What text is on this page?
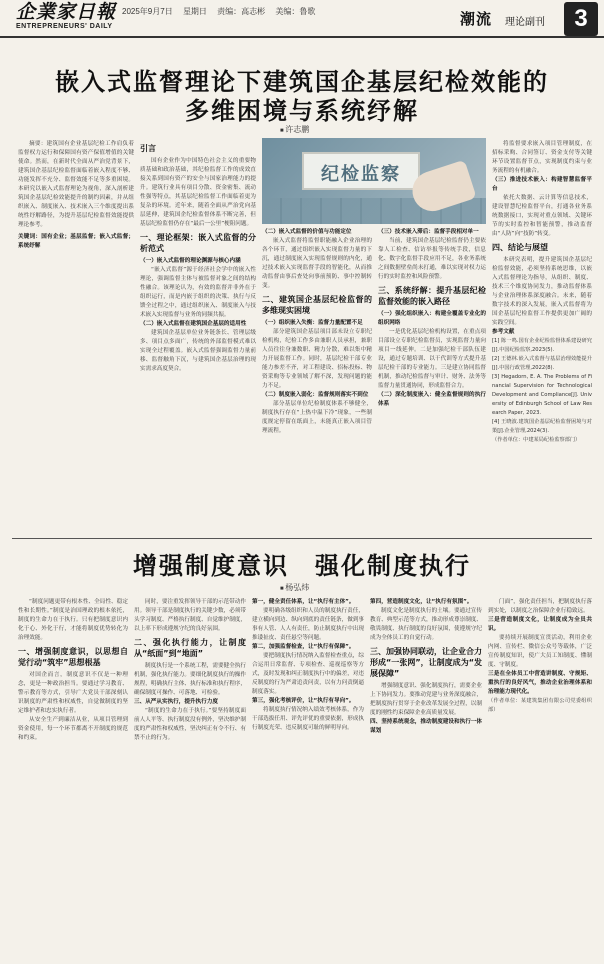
企業家日報
ENTREPRENEURS' DAILY
2025年9月7日 星期日 责编：高志彬 美编：鲁歌	潮流 理论副刊	3
嵌入式监督理论下建筑国企基层纪检效能的
多维困境与系统纾解
■ 许志鹏

摘要：建筑国有企业基层纪检工作肩负着监督权力运行和保障国有资产保值增值的关键使命。然而，在新时代全面从严治党背景下，建筑国企基层纪检监督面临着嵌入程度不够、功能发挥不充分、监督效能不足等多重困境。本研究以嵌入式监督理论为视角，深入剖析建筑国企基层纪检效能提升的制约因素，并从组织嵌入、制度嵌入、技术嵌入三个维度提出系统性纾解路径，为提升基层纪检监督效能提供理论参考。

关键词：国有企业；基层监督；嵌入式监督；系统纾解

纪检监察

引言

国有企业作为中国特色社会主义的重要物质基础和政治基础，其纪检监督工作的成效直接关系到国有资产的安全与国家治理能力的提升。建筑行业具有项目分散、资金密集、流动性强等特点，其基层纪检监督工作面临着更为复杂的环境。近年来，随着全面从严治党向基层延伸，建筑国企纪检监督体系不断完善，但基层纪检监督仍存在“最后一公里”梗阻问题。

一、理论框架：嵌入式监督的分析范式

（一）嵌入式监督的理论渊源与核心内涵

“嵌入式监督”源于经济社会学中的嵌入性理论，强调监督主体与被监督对象之间的结构性融合。该理论认为，有效的监督并非外在于组织运行，而是内嵌于组织的决策、执行与反馈全过程之中，通过组织嵌入、制度嵌入与技术嵌入实现监督与业务的同频共振。

（二）嵌入式监督在建筑国企基层的适用性

建筑国企基层单位业务链条长、管理层级多、项目点多面广，传统的外部监督模式难以实现全过程覆盖。嵌入式监督强调监督力量前移、监督触角下沉，与建筑国企基层治理的现实需求高度契合。

（二）嵌入式监督的价值与功能定位

嵌入式监督将监督职能融入企业治理的各个环节，通过组织嵌入实现监督力量的下沉，通过制度嵌入实现监督规则的内化，通过技术嵌入实现监督手段的智能化，从而推动监督由事后查处向事前预防、事中控制转变。

二、建筑国企基层纪检监督的多维现实困境

（一）组织嵌入失衡：监督力量配置不足

部分建筑国企基层项目部未设立专职纪检机构，纪检工作多由兼职人员承担，兼职人员往往身兼数职、精力分散，难以集中精力开展监督工作。同时，基层纪检干部专业能力参差不齐，对工程建设、招标投标、物资采购等专业领域了解不深，发现问题的能力不足。

（二）制度嵌入弱化：监督规则落实不到位

部分基层单位纪检制度体系不够健全，制度执行存在“上热中温下冷”现象，一些制度规定停留在纸面上，未能真正嵌入项目管理流程。

（三）技术嵌入滞后：监督手段相对单一

当前，建筑国企基层纪检监督仍主要依靠人工检查、信访举报等传统手段，信息化、数字化监督手段应用不足，各业务系统之间数据壁垒尚未打通，难以实现对权力运行的实时监控和风险预警。

三、系统纾解：提升基层纪检监督效能的嵌入路径

（一）强化组织嵌入：构建全覆盖专业化的组织网络

一是优化基层纪检机构设置，在重点项目部设立专职纪检监督员，实现监督力量向项目一线延伸。二是加强纪检干部队伍建设，通过专题培训、以干代训等方式提升基层纪检干部的专业能力。三是建立协同监督机制，推动纪检监督与审计、财务、法务等监督力量贯通协同，形成监督合力。

（二）深化制度嵌入：健全监督规则的执行体系

将监督要求嵌入项目管理制度，在招标采购、合同签订、资金支付等关键环节设置监督节点，实现制度约束与业务流程的有机融合。

（三）推进技术嵌入：构建智慧监督平台

依托大数据、云计算等信息技术，建设智慧纪检监督平台，打通各业务系统数据接口，实现对重点领域、关键环节的实时监控和智能预警，推动监督由“人防”向“技防”转变。

四、结论与展望

本研究表明，提升建筑国企基层纪检监督效能，必须坚持系统思维，以嵌入式监督理论为指导，从组织、制度、技术三个维度协同发力，推动监督体系与企业治理体系深度融合。未来，随着数字技术的深入发展，嵌入式监督将为国企基层纪检监督工作提供更加广阔的实践空间。

参考文献

[1] 陈一鸣.国有企业纪检监督体系建设研究[J].中国纪检监察,2023(5).

[2] 王德林.嵌入式监督与基层治理效能提升[J].中国行政管理,2022(8).

[3] Hegadorn, E. A. The Problems of Financial Supervision for Technological Development and Compliance[J]. University of Edinburgh School of Law Research Paper, 2023.

[4] 王晓波.建筑国企基层纪检监督困境与对策[J].企业管理,2024(3).

（作者单位：中建某局纪检监察部门）

增强制度意识　强化制度执行
■ 杨弘炜

“制度问题更带有根本性、全局性、稳定性和长期性。”制度是治国理政的根本依托，制度的生命力在于执行。只有把制度意识内化于心、外化于行，才能将制度优势转化为治理效能。

一、增强制度意识，以思想自觉行动“筑牢”思想根基

对国企而言，制度意识不仅是一种理念，更是一种政治担当。要通过学习教育、警示教育等方式，引导广大党员干部深刻认识制度的严肃性和权威性，自觉做制度的坚定维护者和忠实执行者。

从安全生产到廉洁从业，从项目管理到资金使用，每一个环节都离不开制度的规范和约束。

同时，要注重发挥领导干部的示范带动作用。领导干部是制度执行的关键少数，必须带头学习制度、严格执行制度、自觉维护制度，以上率下形成遵规守纪的良好氛围。

二、强化执行能力，让制度从“纸面”到“地面”

制度执行是一个系统工程，需要健全执行机制，强化执行能力。要细化制度执行的操作规程，明确执行主体、执行标准和执行程序，确保制度可操作、可落地、可检验。

三、从严从实执行，提升执行力度

“制度的生命力在于执行。”要坚持制度面前人人平等、执行制度没有例外，坚决维护制度的严肃性和权威性，坚决纠正有令不行、有禁不止的行为。

第一，健全责任体系，让“执行有主体”。

要明确各级组织和人员的制度执行责任，建立横向到边、纵向到底的责任链条，做到事事有人管、人人有责任，防止制度执行中出现推诿扯皮、责任悬空等问题。

第二，加强监督检查，让“执行有保障”。

要把制度执行情况纳入监督检查重点，综合运用日常监督、专项检查、巡视巡察等方式，及时发现和纠正制度执行中的偏差，对违反制度的行为严肃追责问责，以有力问责倒逼制度落实。

第三，强化考核评价，让“执行有导向”。

将制度执行情况纳入绩效考核体系，作为干部选拔任用、评先评优的重要依据，形成执行制度光荣、违反制度可耻的鲜明导向。

第四，营造制度文化，让“执行有氛围”。

制度文化是制度执行的土壤。要通过宣传教育、典型示范等方式，推动形成尊崇制度、敬畏制度、执行制度的良好氛围，使遵规守纪成为全体员工的自觉行动。

三、加强协同联动，让企业合力形成“一张网”，让制度成为“发展保障”

增强制度意识、强化制度执行，需要企业上下协同发力。要推动党建与业务深度融合，把制度执行贯穿于企业改革发展全过程，以制度的刚性约束保障企业高质量发展。

四、坚持系统观念，推动制度建设和执行一体谋划

门面”，强化责任担当，把制度执行落到实处，以制度之治保障企业行稳致远。

三是营造制度文化，让制度成为全员共识。

要持续开展制度宣贯活动，利用企业内网、宣传栏、微信公众号等载体，广泛宣传制度知识，使广大员工知制度、懂制度、守制度。

三是在全体员工中营造讲制度、守规矩、重执行的良好风气，推动企业治理体系和治理能力现代化。

（作者单位：某建筑集团有限公司党委组织部）
